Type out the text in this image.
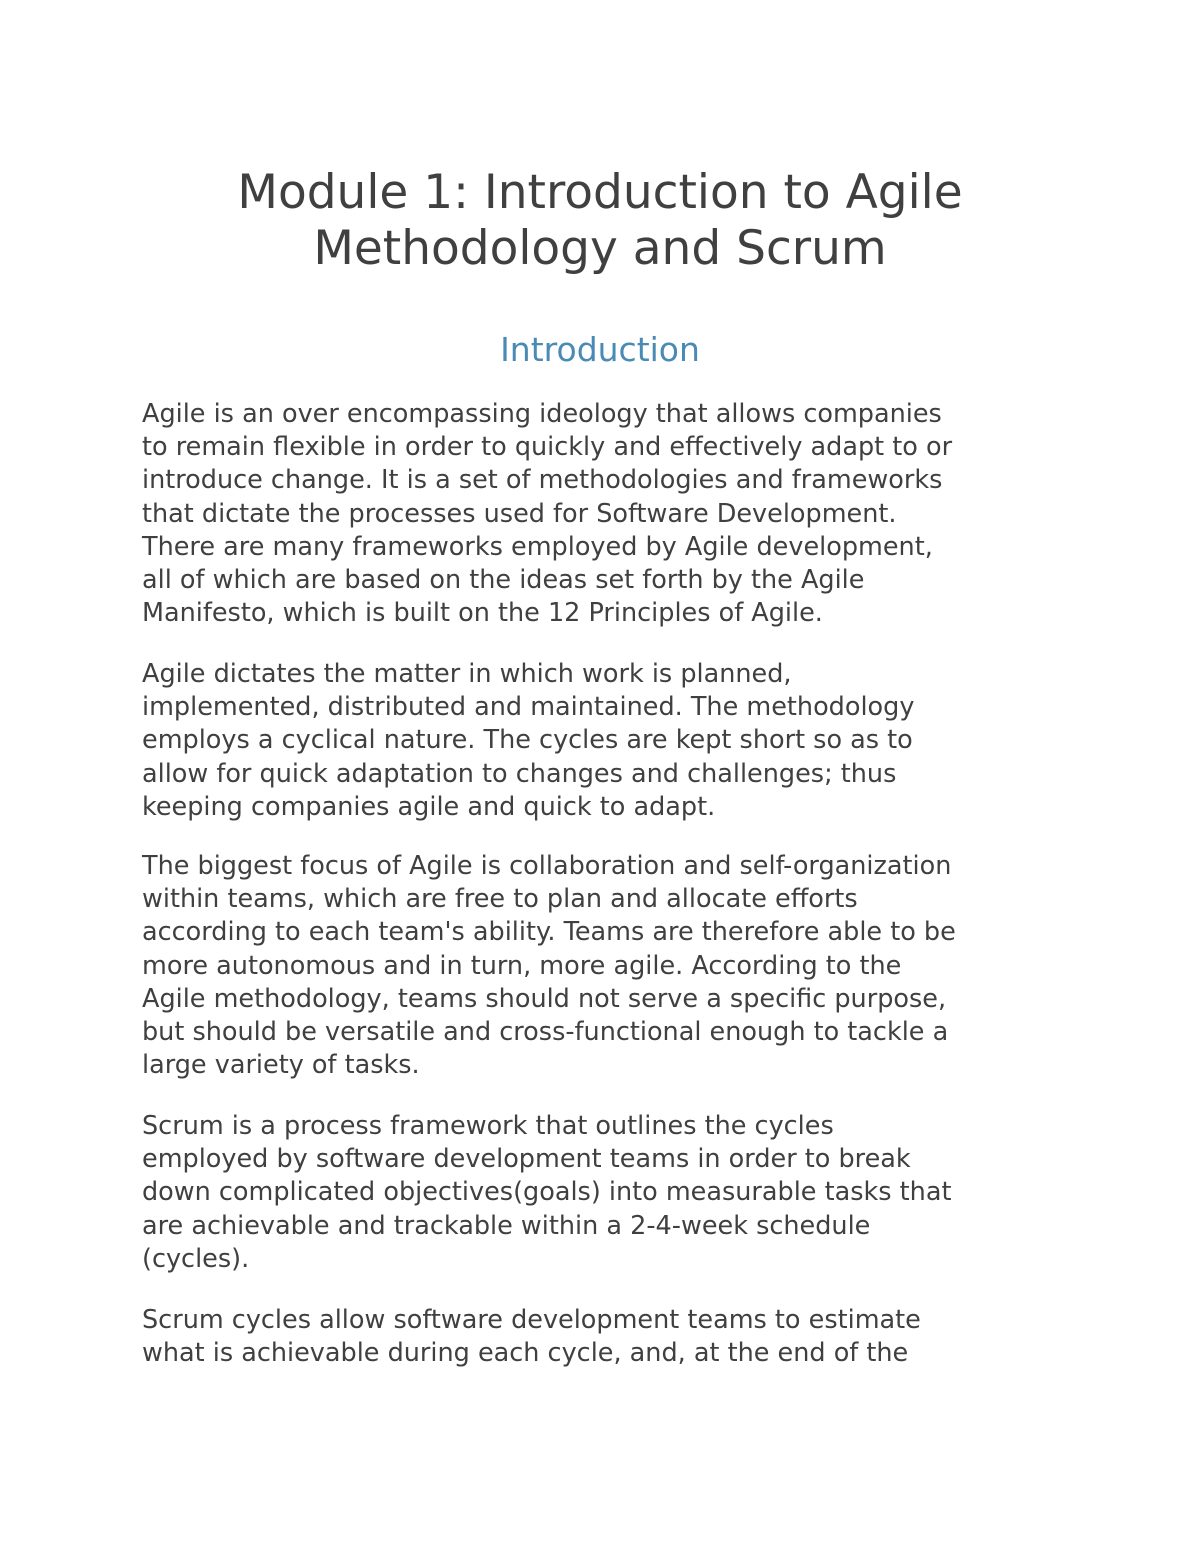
Module 1: Introduction to Agile
Methodology and Scrum
Introduction

Agile is an over encompassing ideology that allows companies
to remain flexible in order to quickly and effectively adapt to or
introduce change. It is a set of methodologies and frameworks
that dictate the processes used for Software Development.
There are many frameworks employed by Agile development,
all of which are based on the ideas set forth by the Agile
Manifesto, which is built on the 12 Principles of Agile.

Agile dictates the matter in which work is planned,
implemented, distributed and maintained. The methodology
employs a cyclical nature. The cycles are kept short so as to
allow for quick adaptation to changes and challenges; thus
keeping companies agile and quick to adapt.

The biggest focus of Agile is collaboration and self-organization
within teams, which are free to plan and allocate efforts
according to each team's ability. Teams are therefore able to be
more autonomous and in turn, more agile. According to the
Agile methodology, teams should not serve a specific purpose,
but should be versatile and cross-functional enough to tackle a
large variety of tasks.

Scrum is a process framework that outlines the cycles
employed by software development teams in order to break
down complicated objectives(goals) into measurable tasks that
are achievable and trackable within a 2-4-week schedule
(cycles).

Scrum cycles allow software development teams to estimate
what is achievable during each cycle, and, at the end of the
